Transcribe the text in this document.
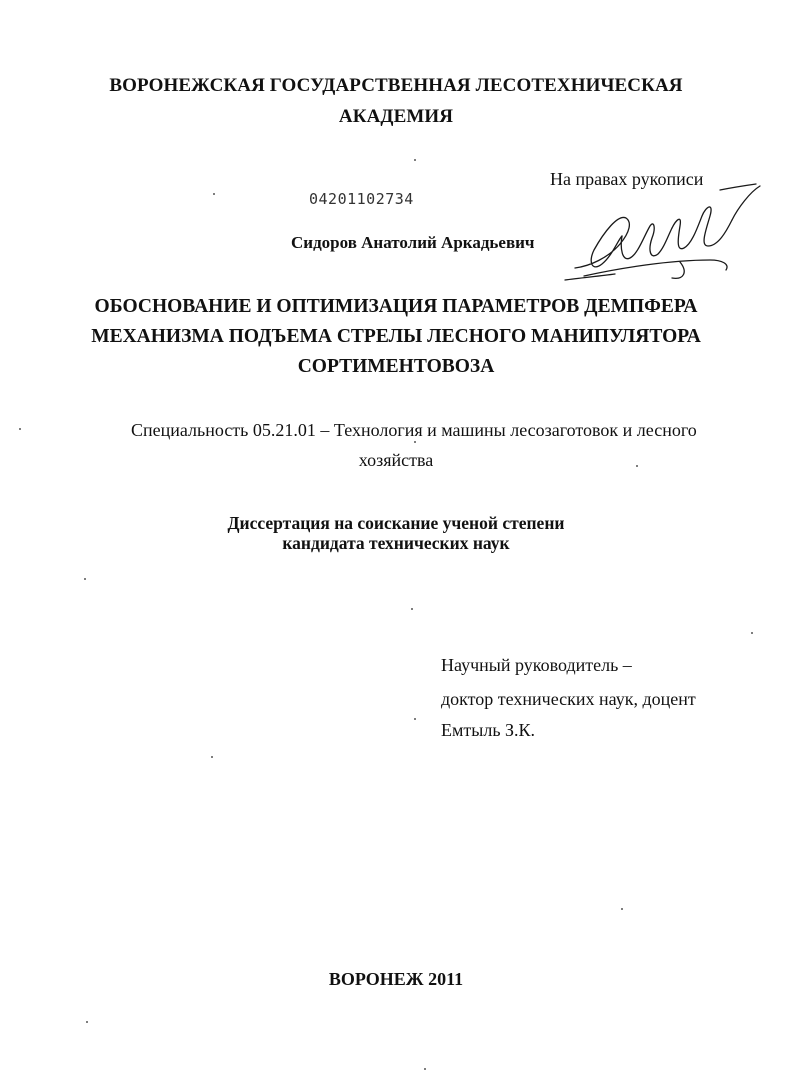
ВОРОНЕЖСКАЯ ГОСУДАРСТВЕННАЯ ЛЕСОТЕХНИЧЕСКАЯ
АКАДЕМИЯ
На правах рукописи
04201102734
Сидоров Анатолий Аркадьевич
ОБОСНОВАНИЕ И ОПТИМИЗАЦИЯ ПАРАМЕТРОВ ДЕМПФЕРА
МЕХАНИЗМА ПОДЪЕМА СТРЕЛЫ ЛЕСНОГО МАНИПУЛЯТОРА
СОРТИМЕНТОВОЗА
Специальность 05.21.01 – Технология и машины лесозаготовок и лесного
хозяйства
Диссертация на соискание ученой степени
кандидата технических наук
Научный руководитель –
доктор технических наук, доцент
Емтыль З.К.
ВОРОНЕЖ 2011
